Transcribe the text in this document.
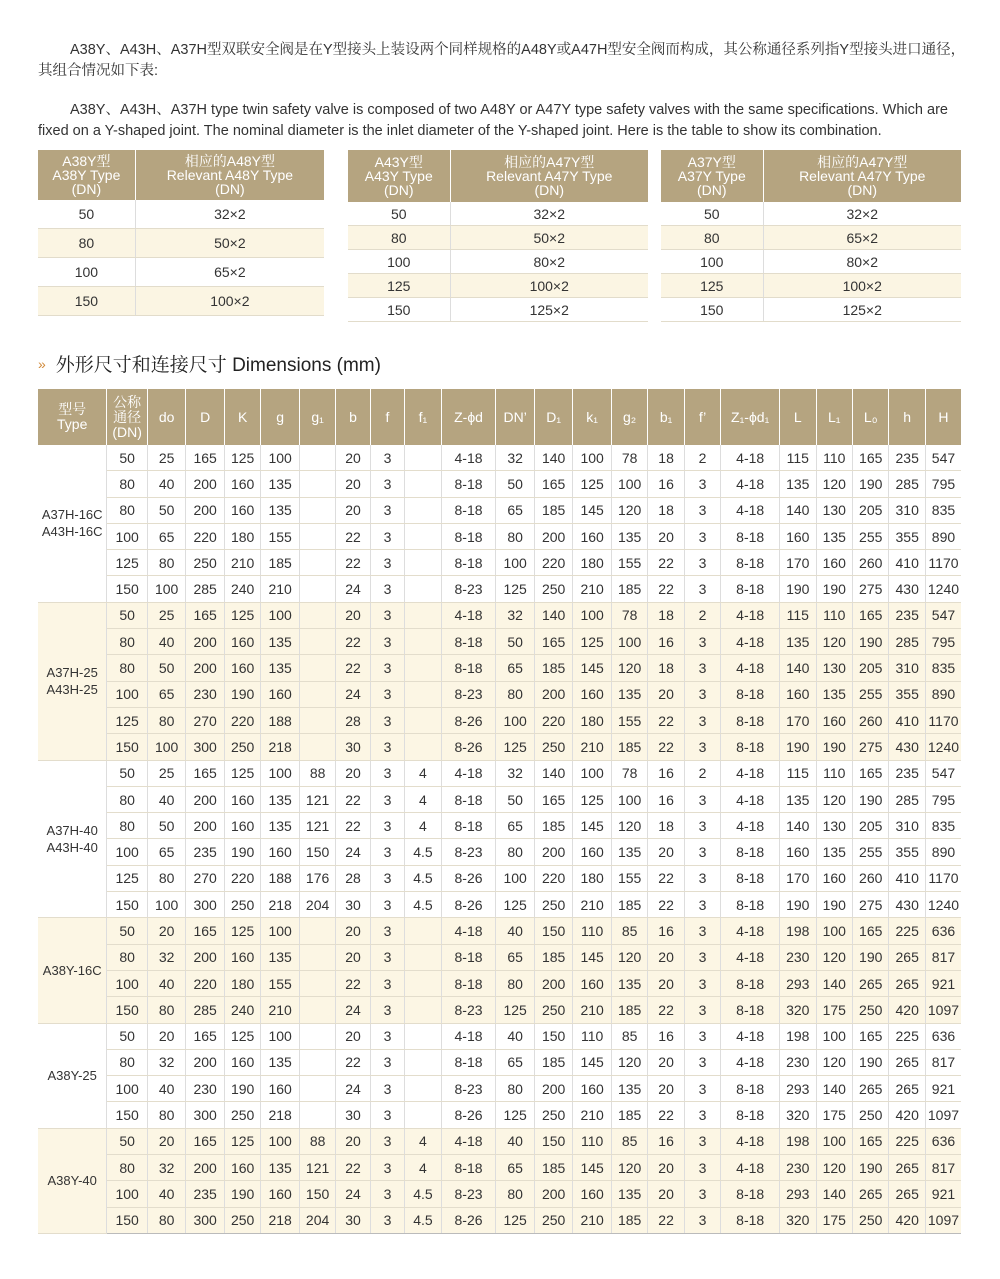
A38Y、A43H、A37H型双联安全阀是在Y型接头上装设两个同样规格的A48Y或A47H型安全阀而构成，其公称通径系列指Y型接头进口通径，其组合情况如下表:
A38Y、A43H、A37H type twin safety valve is composed of two A48Y or A47Y type safety valves with the same specifications. Which are fixed on a Y-shaped joint. The nominal diameter is the inlet diameter of the Y-shaped joint. Here is the table to show its combination.
A38Y型
A38Y Type
(DN)	相应的A48Y型
Relevant A48Y Type
(DN)
50	32×2
80	50×2
100	65×2
150	100×2
A43Y型
A43Y Type
(DN)	相应的A47Y型
Relevant A47Y Type
(DN)
50	32×2
80	50×2
100	80×2
125	100×2
150	125×2
A37Y型
A37Y Type
(DN)	相应的A47Y型
Relevant A47Y Type
(DN)
50	32×2
80	65×2
100	80×2
125	100×2
150	125×2
» 外形尺寸和连接尺寸 Dimensions (mm)
型号
Type	公称
通径
(DN)	do	D	K	g	g₁	b	f	f₁	Z-ϕd	DN’	D₁	k₁	g₂	b₁	f’	Z₁-ϕd₁	L	L₁	L₀	h	H
A37H-16C
A43H-16C	50	25	165	125	100		20	3		4-18	32	140	100	78	18	2	4-18	115	110	165	235	547
	80	40	200	160	135		20	3		8-18	50	165	125	100	16	3	4-18	135	120	190	285	795
	80	50	200	160	135		20	3		8-18	65	185	145	120	18	3	4-18	140	130	205	310	835
	100	65	220	180	155		22	3		8-18	80	200	160	135	20	3	8-18	160	135	255	355	890
	125	80	250	210	185		22	3		8-18	100	220	180	155	22	3	8-18	170	160	260	410	1170
	150	100	285	240	210		24	3		8-23	125	250	210	185	22	3	8-18	190	190	275	430	1240
A37H-25
A43H-25	50	25	165	125	100		20	3		4-18	32	140	100	78	18	2	4-18	115	110	165	235	547
	80	40	200	160	135		22	3		8-18	50	165	125	100	16	3	4-18	135	120	190	285	795
	80	50	200	160	135		22	3		8-18	65	185	145	120	18	3	4-18	140	130	205	310	835
	100	65	230	190	160		24	3		8-23	80	200	160	135	20	3	8-18	160	135	255	355	890
	125	80	270	220	188		28	3		8-26	100	220	180	155	22	3	8-18	170	160	260	410	1170
	150	100	300	250	218		30	3		8-26	125	250	210	185	22	3	8-18	190	190	275	430	1240
A37H-40
A43H-40	50	25	165	125	100	88	20	3	4	4-18	32	140	100	78	16	2	4-18	115	110	165	235	547
	80	40	200	160	135	121	22	3	4	8-18	50	165	125	100	16	3	4-18	135	120	190	285	795
	80	50	200	160	135	121	22	3	4	8-18	65	185	145	120	18	3	4-18	140	130	205	310	835
	100	65	235	190	160	150	24	3	4.5	8-23	80	200	160	135	20	3	8-18	160	135	255	355	890
	125	80	270	220	188	176	28	3	4.5	8-26	100	220	180	155	22	3	8-18	170	160	260	410	1170
	150	100	300	250	218	204	30	3	4.5	8-26	125	250	210	185	22	3	8-18	190	190	275	430	1240
A38Y-16C	50	20	165	125	100		20	3		4-18	40	150	110	85	16	3	4-18	198	100	165	225	636
	80	32	200	160	135		20	3		8-18	65	185	145	120	20	3	4-18	230	120	190	265	817
	100	40	220	180	155		22	3		8-18	80	200	160	135	20	3	8-18	293	140	265	265	921
	150	80	285	240	210		24	3		8-23	125	250	210	185	22	3	8-18	320	175	250	420	1097
A38Y-25	50	20	165	125	100		20	3		4-18	40	150	110	85	16	3	4-18	198	100	165	225	636
	80	32	200	160	135		22	3		8-18	65	185	145	120	20	3	4-18	230	120	190	265	817
	100	40	230	190	160		24	3		8-23	80	200	160	135	20	3	8-18	293	140	265	265	921
	150	80	300	250	218		30	3		8-26	125	250	210	185	22	3	8-18	320	175	250	420	1097
A38Y-40	50	20	165	125	100	88	20	3	4	4-18	40	150	110	85	16	3	4-18	198	100	165	225	636
	80	32	200	160	135	121	22	3	4	8-18	65	185	145	120	20	3	4-18	230	120	190	265	817
	100	40	235	190	160	150	24	3	4.5	8-23	80	200	160	135	20	3	8-18	293	140	265	265	921
	150	80	300	250	218	204	30	3	4.5	8-26	125	250	210	185	22	3	8-18	320	175	250	420	1097
